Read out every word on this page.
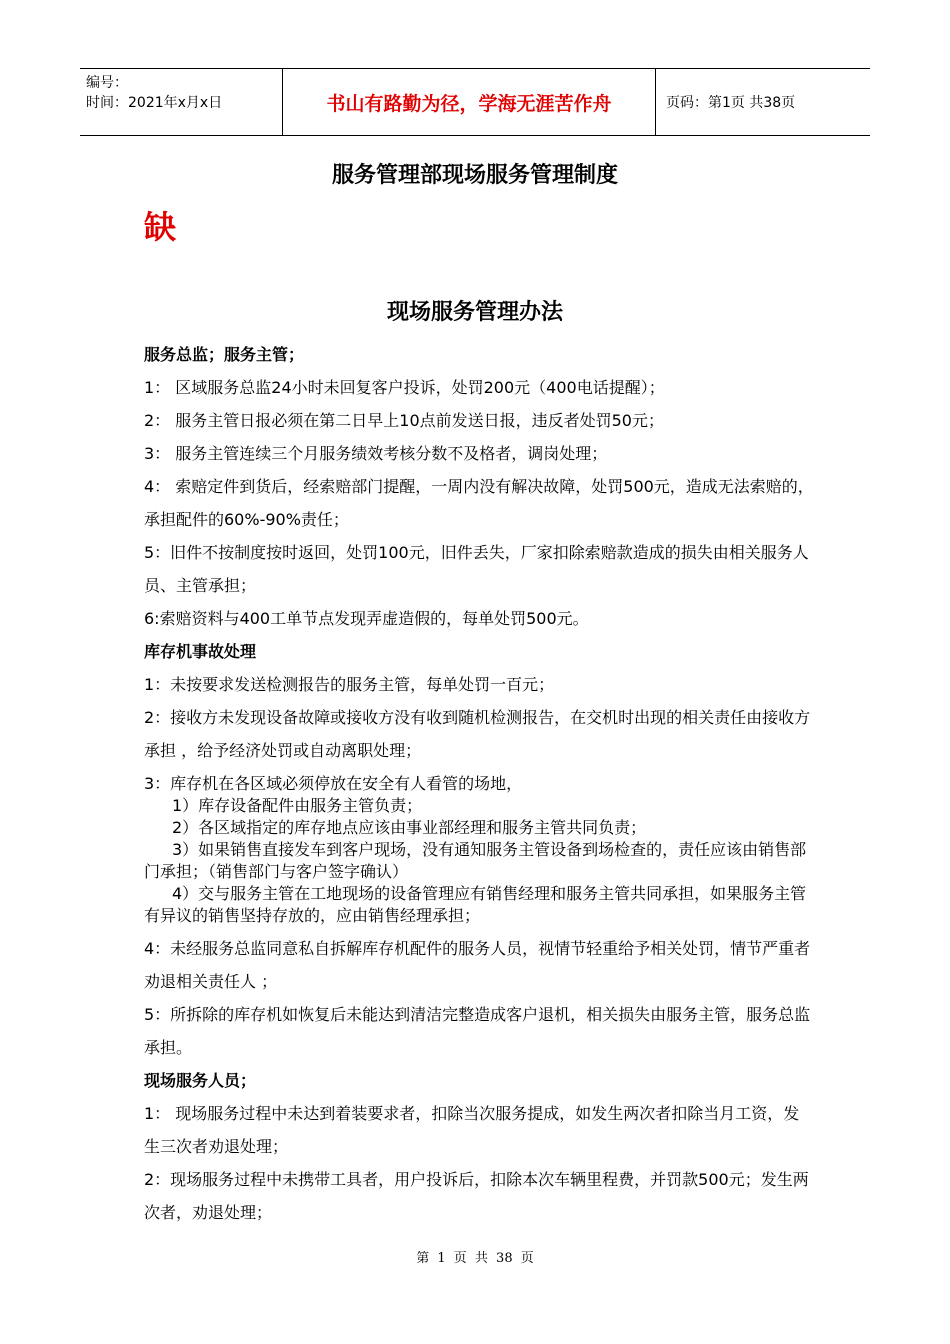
编号：
时间：2021年x月x日	书山有路勤为径，学海无涯苦作舟	页码：第1页 共38页
服务管理部现场服务管理制度
缺
现场服务管理办法

服务总监；服务主管；

1： 区域服务总监24小时未回复客户投诉，处罚200元（400电话提醒）；

2： 服务主管日报必须在第二日早上10点前发送日报，违反者处罚50元；

3： 服务主管连续三个月服务绩效考核分数不及格者，调岗处理；

4： 索赔定件到货后，经索赔部门提醒，一周内没有解决故障，处罚500元，造成无法索赔的，承担配件的60%-90%责任；

5：旧件不按制度按时返回，处罚100元，旧件丢失，厂家扣除索赔款造成的损失由相关服务人员、主管承担；

6:索赔资料与400工单节点发现弄虚造假的，每单处罚500元。

库存机事故处理

1：未按要求发送检测报告的服务主管，每单处罚一百元；

2：接收方未发现设备故障或接收方没有收到随机检测报告，在交机时出现的相关责任由接收方承担 ，给予经济处罚或自动离职处理；

3：库存机在各区域必须停放在安全有人看管的场地，

1）库存设备配件由服务主管负责；

2）各区域指定的库存地点应该由事业部经理和服务主管共同负责；

3）如果销售直接发车到客户现场，没有通知服务主管设备到场检查的，责任应该由销售部门承担；（销售部门与客户签字确认）

4）交与服务主管在工地现场的设备管理应有销售经理和服务主管共同承担，如果服务主管有异议的销售坚持存放的，应由销售经理承担；

4：未经服务总监同意私自拆解库存机配件的服务人员，视情节轻重给予相关处罚，情节严重者劝退相关责任人 ；

5：所拆除的库存机如恢复后未能达到清洁完整造成客户退机，相关损失由服务主管，服务总监承担。

现场服务人员；

1： 现场服务过程中未达到着装要求者，扣除当次服务提成，如发生两次者扣除当月工资，发生三次者劝退处理；

2：现场服务过程中未携带工具者，用户投诉后，扣除本次车辆里程费，并罚款500元；发生两次者，劝退处理；

第 1 页 共 38 页
